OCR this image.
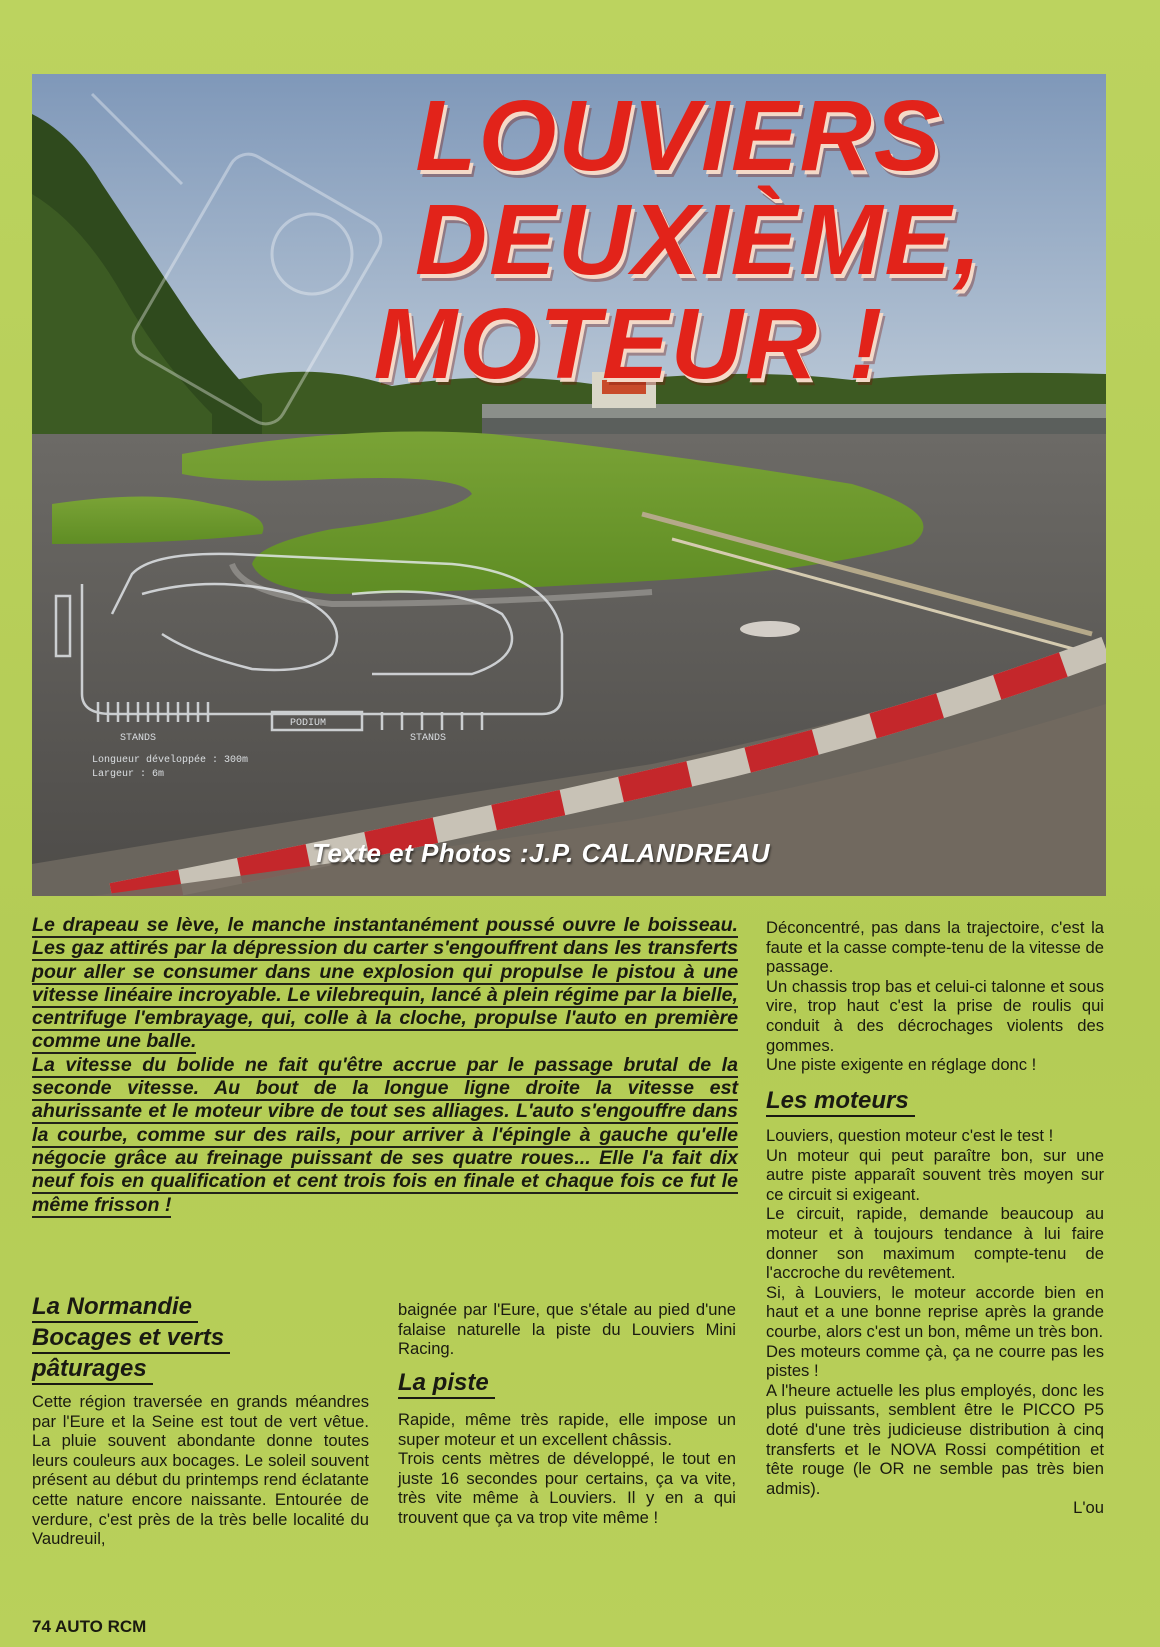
STANDS
PODIUM
STANDS
Longueur développée : 300m
Largeur : 6m
LOUVIERS
DEUXIÈME,
MOTEUR !
Texte et Photos :J.P. CALANDREAU

Le drapeau se lève, le manche instantanément poussé ouvre le boisseau. Les gaz attirés par la dépression du carter s'engouffrent dans les transferts pour aller se consumer dans une explosion qui propulse le pistou à une vitesse linéaire incroyable. Le vilebrequin, lancé à plein régime par la bielle, centrifuge l'embrayage, qui, colle à la cloche, propulse l'auto en première comme une balle.

La vitesse du bolide ne fait qu'être accrue par le passage brutal de la seconde vitesse. Au bout de la longue ligne droite la vitesse est ahurissante et le moteur vibre de tout ses alliages. L'auto s'engouffre dans la courbe, comme sur des rails, pour arriver à l'épingle à gauche qu'elle négocie grâce au freinage puissant de ses quatre roues... Elle l'a fait dix neuf fois en qualification et cent trois fois en finale et chaque fois ce fut le même frisson !

La Normandie
Bocages et verts
pâturages

Cette région traversée en grands méandres par l'Eure et la Seine est tout de vert vêtue. La pluie souvent abondante donne toutes leurs couleurs aux bocages. Le soleil souvent présent au début du printemps rend éclatante cette nature encore naissante. Entourée de verdure, c'est près de la très belle localité du Vaudreuil,

baignée par l'Eure, que s'étale au pied d'une falaise naturelle la piste du Louviers Mini Racing.

La piste

Rapide, même très rapide, elle impose un super moteur et un excellent châssis.

Trois cents mètres de développé, le tout en juste 16 secondes pour certains, ça va vite, très vite même à Louviers. Il y en a qui trouvent que ça va trop vite même !

Déconcentré, pas dans la trajectoire, c'est la faute et la casse compte-tenu de la vitesse de passage.

Un chassis trop bas et celui-ci talonne et sous vire, trop haut c'est la prise de roulis qui conduit à des décrochages violents des gommes.

Une piste exigente en réglage donc !

Les moteurs

Louviers, question moteur c'est le test !

Un moteur qui peut paraître bon, sur une autre piste apparaît souvent très moyen sur ce circuit si exigeant.

Le circuit, rapide, demande beaucoup au moteur et à toujours tendance à lui faire donner son maximum compte-tenu de l'accroche du revêtement.

Si, à Louviers, le moteur accorde bien en haut et a une bonne reprise après la grande courbe, alors c'est un bon, même un très bon.

Des moteurs comme çà, ça ne courre pas les pistes !

A l'heure actuelle les plus employés, donc les plus puissants, semblent être le PICCO P5 doté d'une très judicieuse distribution à cinq transferts et le NOVA Rossi compétition et tête rouge (le OR ne semble pas très bien admis).

L'ou

74 AUTO RCM
